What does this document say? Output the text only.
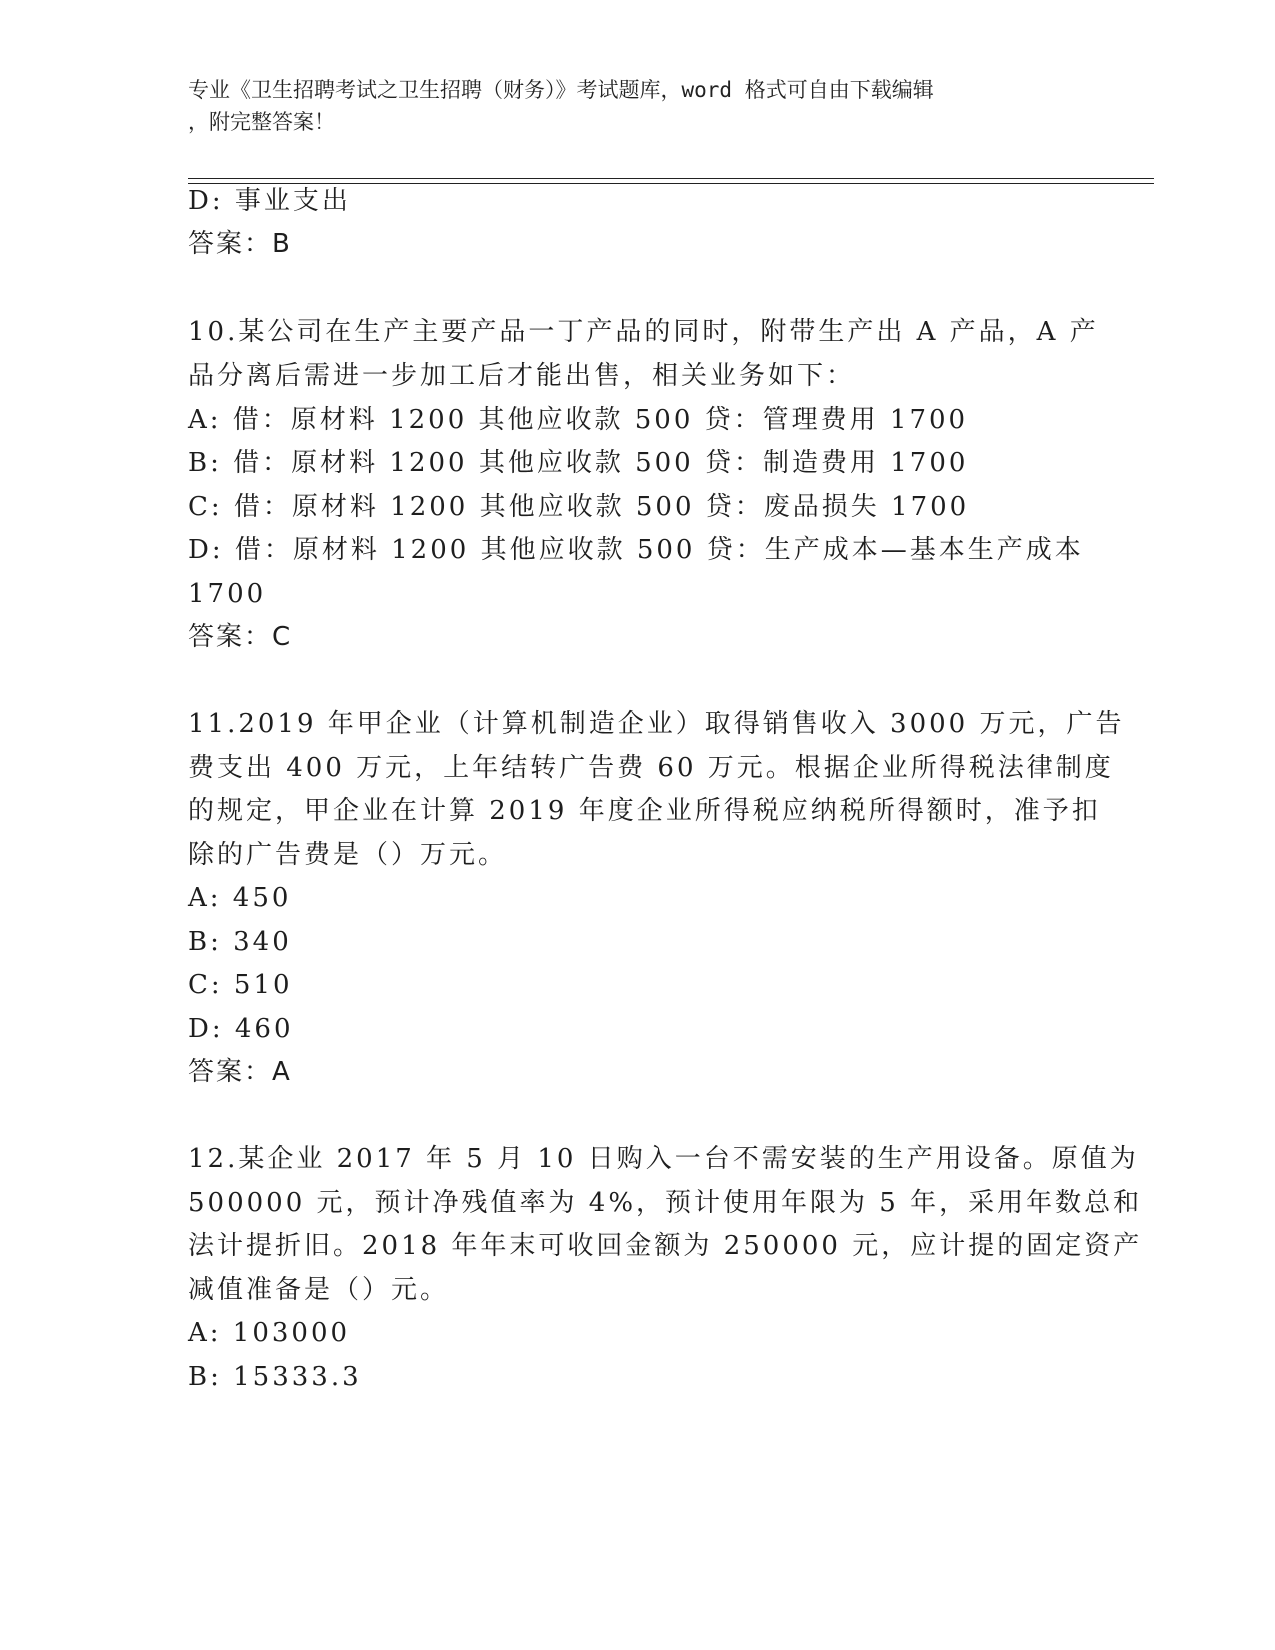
专业《卫生招聘考试之卫生招聘（财务）》考试题库，word 格式可自由下载编辑
，附完整答案！
D: 事业支出
答案：B
10.某公司在生产主要产品一丁产品的同时，附带生产出 A 产品，A 产
品分离后需进一步加工后才能出售，相关业务如下：
A: 借：原材料 1200 其他应收款 500 贷：管理费用 1700
B: 借：原材料 1200 其他应收款 500 贷：制造费用 1700
C: 借：原材料 1200 其他应收款 500 贷：废品损失 1700
D: 借：原材料 1200 其他应收款 500 贷：生产成本—基本生产成本
1700
答案：C
11.2019 年甲企业（计算机制造企业）取得销售收入 3000 万元，广告
费支出 400 万元，上年结转广告费 60 万元。根据企业所得税法律制度
的规定，甲企业在计算 2019 年度企业所得税应纳税所得额时，准予扣
除的广告费是（）万元。
A: 450
B: 340
C: 510
D: 460
答案：A
12.某企业 2017 年 5 月 10 日购入一台不需安装的生产用设备。原值为
500000 元，预计净残值率为 4%，预计使用年限为 5 年，采用年数总和
法计提折旧。2018 年年末可收回金额为 250000 元，应计提的固定资产
减值准备是（）元。
A: 103000
B: 15333.3
